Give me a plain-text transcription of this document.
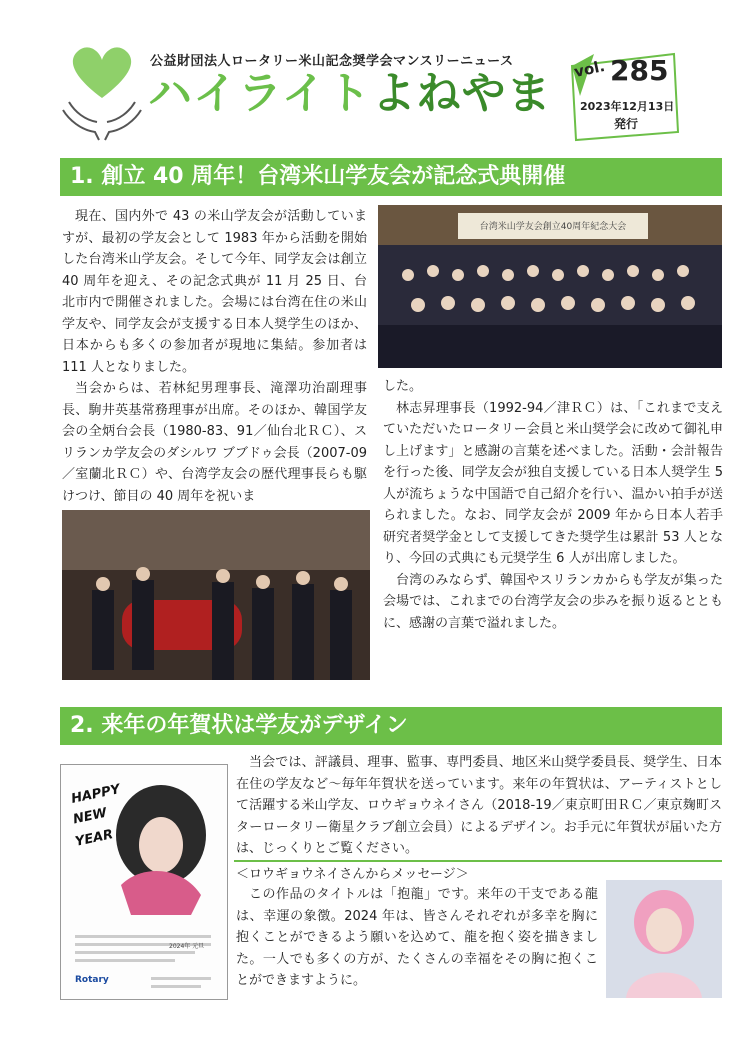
公益財団法人ロータリー米山記念奨学会マンスリーニュース
ハイライトよねやま vol. 285
2023年12月13日
発行
1. 創立 40 周年！台湾米山学友会が記念式典開催

現在、国内外で 43 の米山学友会が活動していますが、最初の学友会として 1983 年から活動を開始した台湾米山学友会。そして今年、同学友会は創立 40 周年を迎え、その記念式典が 11 月 25 日、台北市内で開催されました。会場には台湾在住の米山学友や、同学友会が支援する日本人奨学生のほか、日本からも多くの参加者が現地に集結。参加者は 111 人となりました。

当会からは、若林紀男理事長、滝澤功治副理事長、駒井英基常務理事が出席。そのほか、韓国学友会の全炳台会長（1980-83、91／仙台北ＲＣ）、スリランカ学友会のダシルワ ブブドゥ会長（2007-09／室蘭北ＲＣ）や、台湾学友会の歴代理事長らも駆けつけ、節目の 40 周年を祝いま

台湾米山学友会創立40周年紀念大会
した。

林志昇理事長（1992-94／津ＲＣ）は、「これまで支えていただいたロータリー会員と米山奨学会に改めて御礼申し上げます」と感謝の言葉を述べました。活動・会計報告を行った後、同学友会が独自支援している日本人奨学生 5 人が流ちょうな中国語で自己紹介を行い、温かい拍手が送られました。なお、同学友会が 2009 年から日本人若手研究者奨学金として支援してきた奨学生は累計 53 人となり、今回の式典にも元奨学生 6 人が出席しました。

台湾のみならず、韓国やスリランカからも学友が集った会場では、これまでの台湾学友会の歩みを振り返るとともに、感謝の言葉で溢れました。

2. 来年の年賀状は学友がデザイン
HAPPY
NEW
YEAR
2024年 元旦
Rotary

当会では、評議員、理事、監事、専門委員、地区米山奨学委員長、奨学生、日本在住の学友など～毎年年賀状を送っています。来年の年賀状は、アーティストとして活躍する米山学友、ロウギョウネイさん（2018-19／東京町田ＲＣ／東京麹町スターロータリー衛星クラブ創立会員）によるデザイン。お手元に年賀状が届いた方は、じっくりとご覧ください。

＜ロウギョウネイさんからメッセージ＞

この作品のタイトルは「抱龍」です。来年の干支である龍は、幸運の象徴。2024 年は、皆さんそれぞれが多幸を胸に抱くことができるよう願いを込めて、龍を抱く姿を描きました。一人でも多くの方が、たくさんの幸福をその胸に抱くことができますように。
